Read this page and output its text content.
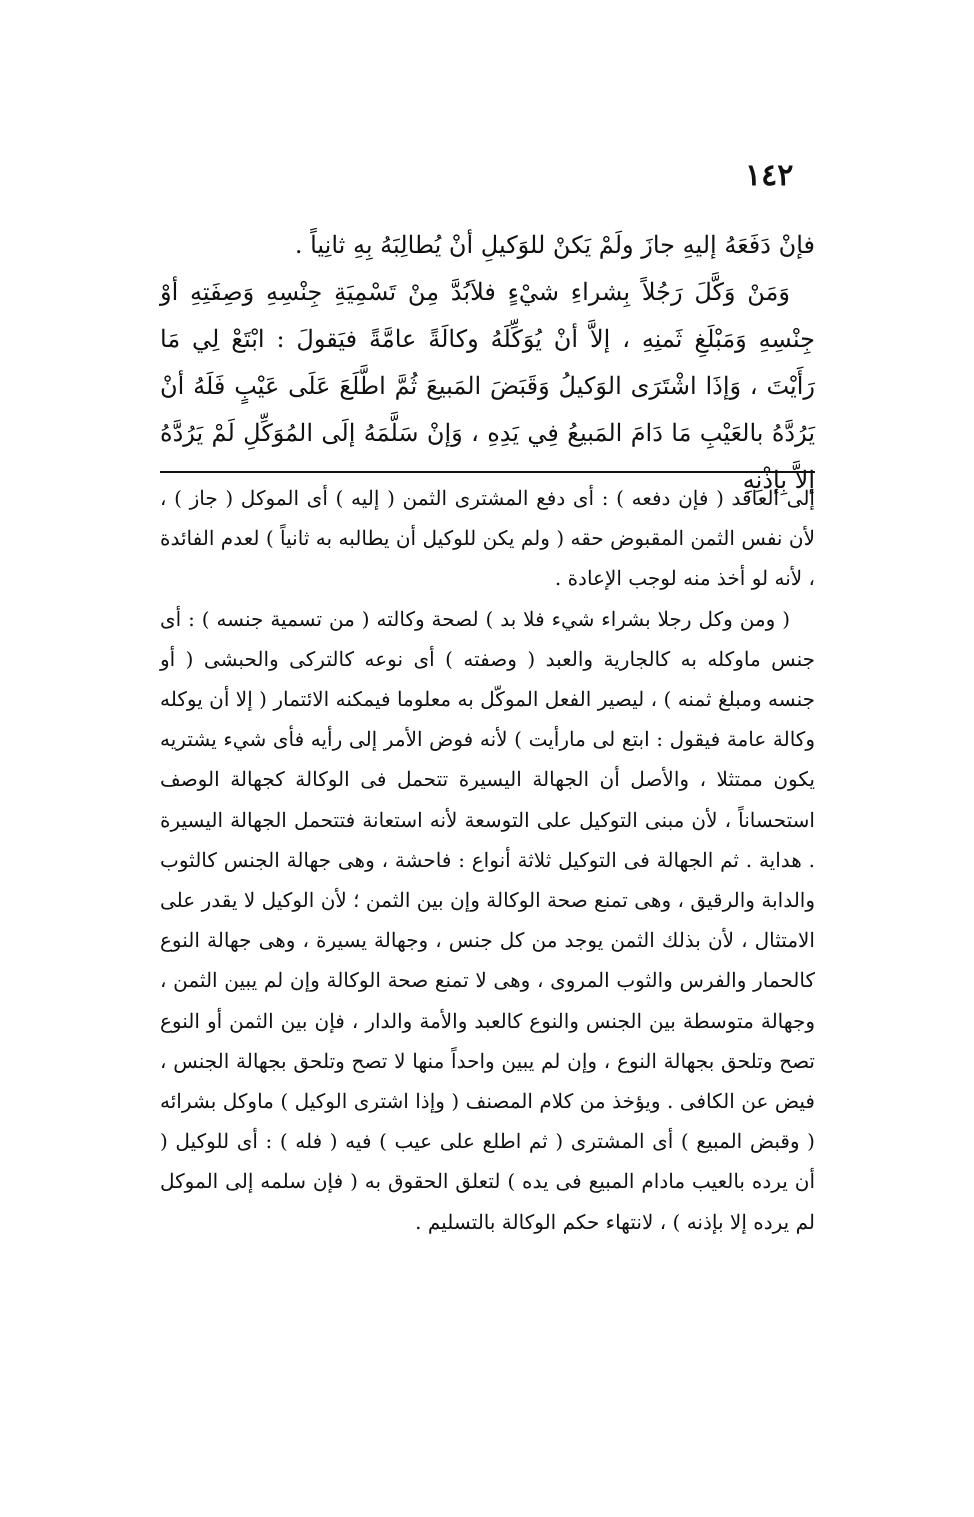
١٤٢

فإنْ دَفَعَهُ إليهِ جازَ ولَمْ يَكنْ للوَكيلِ أنْ يُطالِبَهُ بِهِ ثانِياً .

وَمَنْ وَكَّلَ رَجُلاً بِشراءِ شيْءٍ فلاَبُدَّ مِنْ تَسْمِيَةِ جِنْسِهِ وَصِفَتِهِ أوْ جِنْسِهِ وَمَبْلَغِ ثَمنِهِ ، إلاَّ أنْ يُوَكِّلَهُ وكالَةً عامَّةً فيَقولَ : ابْتَعْ لِي مَا رَأَيْتَ ، وَإذَا اشْتَرَى الوَكيلُ وَقَبَضَ المَبيعَ ثُمَّ اطَّلَعَ عَلَى عَيْبٍ فَلَهُ أنْ يَرُدَّهُ بالعَيْبِ مَا دَامَ المَبيعُ فِي يَدِهِ ، وَإنْ سَلَّمَهُ إلَى المُوَكِّلِ لَمْ يَرُدَّهُ إلاَّ بِإذْنِهِ

إلى العاقد ( فإن دفعه ) : أى دفع المشترى الثمن ( إليه ) أى الموكل ( جاز ) ، لأن نفس الثمن المقبوض حقه ( ولم يكن للوكيل أن يطالبه به ثانياً ) لعدم الفائدة ، لأنه لو أخذ منه لوجب الإعادة .

( ومن وكل رجلا بشراء شيء فلا بد ) لصحة وكالته ( من تسمية جنسه ) : أى جنس ماوكله به كالجارية والعبد ( وصفته ) أى نوعه كالتركى والحبشى ( أو جنسه ومبلغ ثمنه ) ، ليصير الفعل الموكّل به معلوما فيمكنه الائتمار ( إلا أن يوكله وكالة عامة فيقول : ابتع لى مارأيت ) لأنه فوض الأمر إلى رأيه فأى شيء يشتريه يكون ممتثلا ، والأصل أن الجهالة اليسيرة تتحمل فى الوكالة كجهالة الوصف استحساناً ، لأن مبنى التوكيل على التوسعة لأنه استعانة فتتحمل الجهالة اليسيرة . هداية . ثم الجهالة فى التوكيل ثلاثة أنواع : فاحشة ، وهى جهالة الجنس كالثوب والدابة والرقيق ، وهى تمنع صحة الوكالة وإن بين الثمن ؛ لأن الوكيل لا يقدر على الامتثال ، لأن بذلك الثمن يوجد من كل جنس ، وجهالة يسيرة ، وهى جهالة النوع كالحمار والفرس والثوب المروى ، وهى لا تمنع صحة الوكالة وإن لم يبين الثمن ، وجهالة متوسطة بين الجنس والنوع كالعبد والأمة والدار ، فإن بين الثمن أو النوع تصح وتلحق بجهالة النوع ، وإن لم يبين واحداً منها لا تصح وتلحق بجهالة الجنس ، فيض عن الكافى . ويؤخذ من كلام المصنف ( وإذا اشترى الوكيل ) ماوكل بشرائه ( وقبض المبيع ) أى المشترى ( ثم اطلع على عيب ) فيه ( فله ) : أى للوكيل ( أن يرده بالعيب مادام المبيع فى يده ) لتعلق الحقوق به ( فإن سلمه إلى الموكل لم يرده إلا بإذنه ) ، لانتهاء حكم الوكالة بالتسليم .
